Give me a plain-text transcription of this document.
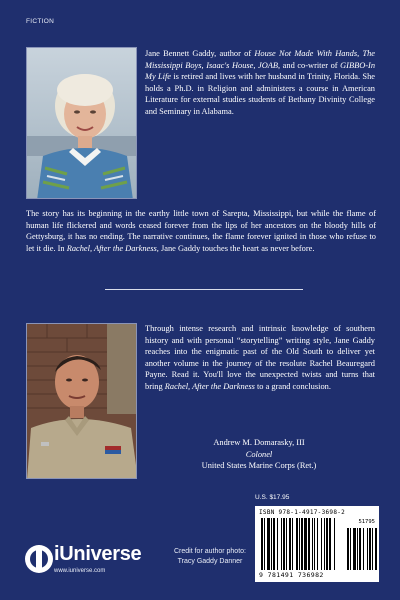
FICTION

Jane Bennett Gaddy, author of House Not Made With Hands, The Mississippi Boys, Isaac's House, JOAB, and co-writer of GIBBO-In My Life is retired and lives with her husband in Trinity, Florida. She holds a Ph.D. in Religion and administers a course in American Literature for external studies students of Bethany Divinity College and Seminary in Alabama.

The story has its beginning in the earthy little town of Sarepta, Mississippi, but while the flame of human life flickered and words ceased forever from the lips of her ancestors on the bloody hills of Gettysburg, it has no ending. The narrative continues, the flame forever ignited in those who refuse to let it die. In Rachel, After the Darkness, Jane Gaddy touches the heart as never before.
Through intense research and intrinsic knowledge of southern history and with personal “storytelling” writing style, Jane Gaddy reaches into the enigmatic past of the Old South to deliver yet another volume in the journey of the resolute Rachel Beauregard Payne. Read it. You'll love the unexpected twists and turns that bring Rachel, After the Darkness to a grand conclusion.
Andrew M. Domarasky, III
Colonel
United States Marine Corps (Ret.)
U.S. $17.95
ISBN 978-1-4917-3698-2
51795
9 781491 736982
iUniverse
www.iuniverse.com
Credit for author photo:
Tracy Gaddy Danner
